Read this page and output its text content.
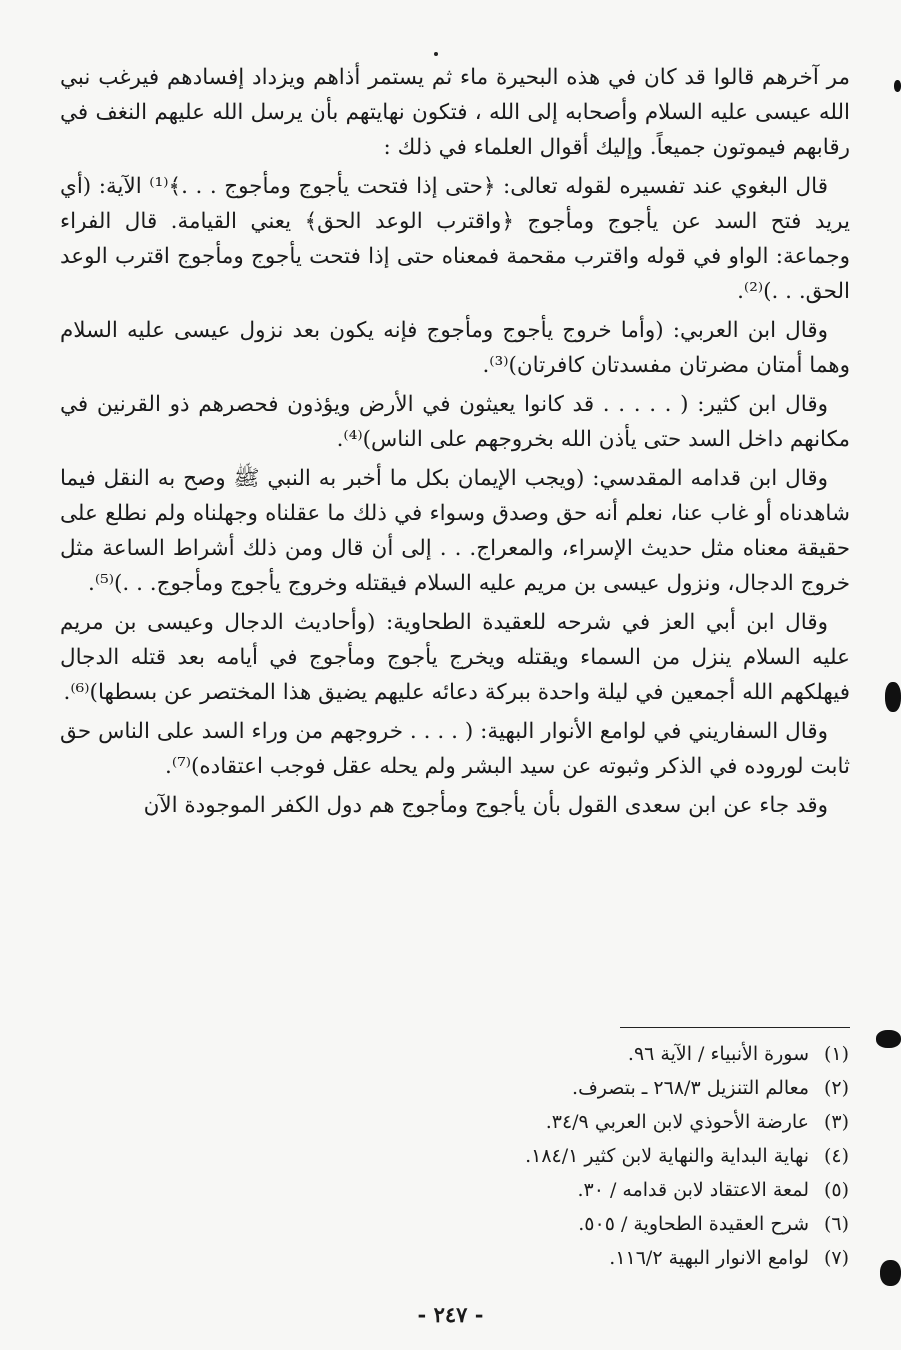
مر آخرهم قالوا قد كان في هذه البحيرة ماء ثم يستمر أذاهم ويزداد إفسادهم فيرغب نبي الله عيسى عليه السلام وأصحابه إلى الله ، فتكون نهايتهم بأن يرسل الله عليهم النغف في رقابهم فيموتون جميعاً. وإليك أقوال العلماء في ذلك :
قال البغوي عند تفسيره لقوله تعالى: ﴿حتى إذا فتحت يأجوج ومأجوج . . .﴾⁽¹⁾ الآية: (أي يريد فتح السد عن يأجوج ومأجوج ﴿واقترب الوعد الحق﴾ يعني القيامة. قال الفراء وجماعة: الواو في قوله واقترب مقحمة فمعناه حتى إذا فتحت يأجوج ومأجوج اقترب الوعد الحق. . .)⁽²⁾.
وقال ابن العربي: (وأما خروج يأجوج ومأجوج فإنه يكون بعد نزول عيسى عليه السلام وهما أمتان مضرتان مفسدتان كافرتان)⁽³⁾.
وقال ابن كثير: ( . . . . . قد كانوا يعيثون في الأرض ويؤذون فحصرهم ذو القرنين في مكانهم داخل السد حتى يأذن الله بخروجهم على الناس)⁽⁴⁾.
وقال ابن قدامه المقدسي: (ويجب الإيمان بكل ما أخبر به النبي ﷺ وصح به النقل فيما شاهدناه أو غاب عنا، نعلم أنه حق وصدق وسواء في ذلك ما عقلناه وجهلناه ولم نطلع على حقيقة معناه مثل حديث الإسراء، والمعراج. . . إلى أن قال ومن ذلك أشراط الساعة مثل خروج الدجال، ونزول عيسى بن مريم عليه السلام فيقتله وخروج يأجوج ومأجوج. . .)⁽⁵⁾.
وقال ابن أبي العز في شرحه للعقيدة الطحاوية: (وأحاديث الدجال وعيسى بن مريم عليه السلام ينزل من السماء ويقتله ويخرج يأجوج ومأجوج في أيامه بعد قتله الدجال فيهلكهم الله أجمعين في ليلة واحدة ببركة دعائه عليهم يضيق هذا المختصر عن بسطها)⁽⁶⁾.
وقال السفاريني في لوامع الأنوار البهية: ( . . . . خروجهم من وراء السد على الناس حق ثابت لوروده في الذكر وثبوته عن سيد البشر ولم يحله عقل فوجب اعتقاده)⁽⁷⁾.
وقد جاء عن ابن سعدى القول بأن يأجوج ومأجوج هم دول الكفر الموجودة الآن
(١)سورة الأنبياء / الآية ٩٦.
(٢)معالم التنزيل ٢٦٨/٣ ـ بتصرف.
(٣)عارضة الأحوذي لابن العربي ٣٤/٩.
(٤)نهاية البداية والنهاية لابن كثير ١٨٤/١.
(٥)لمعة الاعتقاد لابن قدامه / ٣٠.
(٦)شرح العقيدة الطحاوية / ٥٠٥.
(٧)لوامع الانوار البهية ١١٦/٢.
- ٢٤٧ -
